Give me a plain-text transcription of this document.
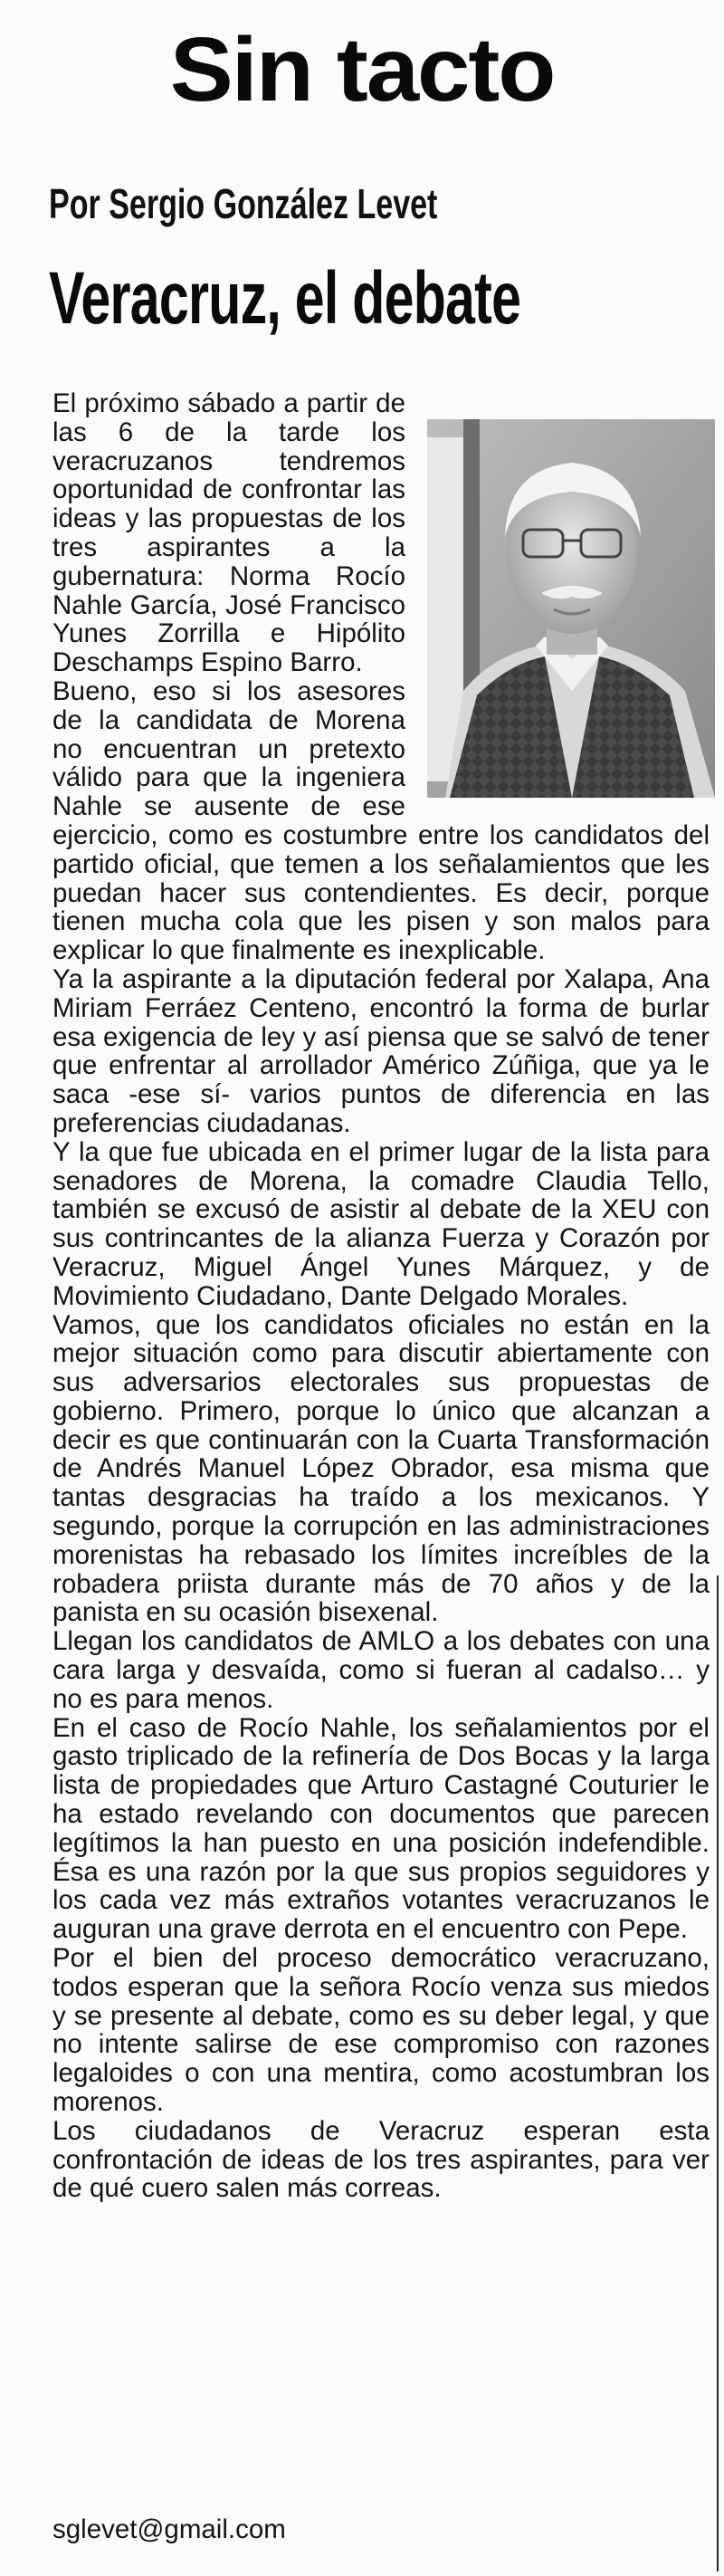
Sin tacto
Por Sergio González Levet
Veracruz, el debate

El próximo sábado a partir de las 6 de la tarde los veracruzanos tendremos oportunidad de confrontar las ideas y las propuestas de los tres aspirantes a la gubernatura: Norma Rocío Nahle García, José Francisco Yunes Zorrilla e Hipólito Deschamps Espino Barro.

Bueno, eso si los asesores de la candidata de Morena no encuentran un pretexto válido para que la ingeniera Nahle se ausente de ese ejercicio, como es costumbre entre los candidatos del partido oficial, que temen a los señalamientos que les puedan hacer sus contendientes. Es decir, porque tienen mucha cola que les pisen y son malos para explicar lo que finalmente es inexplicable.

Ya la aspirante a la diputación federal por Xalapa, Ana Miriam Ferráez Centeno, encontró la forma de burlar esa exigencia de ley y así piensa que se salvó de tener que enfrentar al arrollador Américo Zúñiga, que ya le saca -ese sí- varios puntos de diferencia en las preferencias ciudadanas.

Y la que fue ubicada en el primer lugar de la lista para senadores de Morena, la comadre Claudia Tello, también se excusó de asistir al debate de la XEU con sus contrincantes de la alianza Fuerza y Corazón por Veracruz, Miguel Ángel Yunes Márquez, y de Movimiento Ciudadano, Dante Delgado Morales.

Vamos, que los candidatos oficiales no están en la mejor situación como para discutir abiertamente con sus adversarios electorales sus propuestas de gobierno. Primero, porque lo único que alcanzan a decir es que continuarán con la Cuarta Transformación de Andrés Manuel López Obrador, esa misma que tantas desgracias ha traído a los mexicanos. Y segundo, porque la corrupción en las administraciones morenistas ha rebasado los límites increíbles de la robadera priista durante más de 70 años y de la panista en su ocasión bisexenal.

Llegan los candidatos de AMLO a los debates con una cara larga y desvaída, como si fueran al cadalso… y no es para menos.

En el caso de Rocío Nahle, los señalamientos por el gasto triplicado de la refinería de Dos Bocas y la larga lista de propiedades que Arturo Castagné Couturier le ha estado revelando con documentos que parecen legítimos la han puesto en una posición indefendible. Ésa es una razón por la que sus propios seguidores y los cada vez más extraños votantes veracruzanos le auguran una grave derrota en el encuentro con Pepe.

Por el bien del proceso democrático veracruzano, todos esperan que la señora Rocío venza sus miedos y se presente al debate, como es su deber legal, y que no intente salirse de ese compromiso con razones legaloides o con una mentira, como acostumbran los morenos.

Los ciudadanos de Veracruz esperan esta confrontación de ideas de los tres aspirantes, para ver de qué cuero salen más correas.

sglevet@gmail.com
